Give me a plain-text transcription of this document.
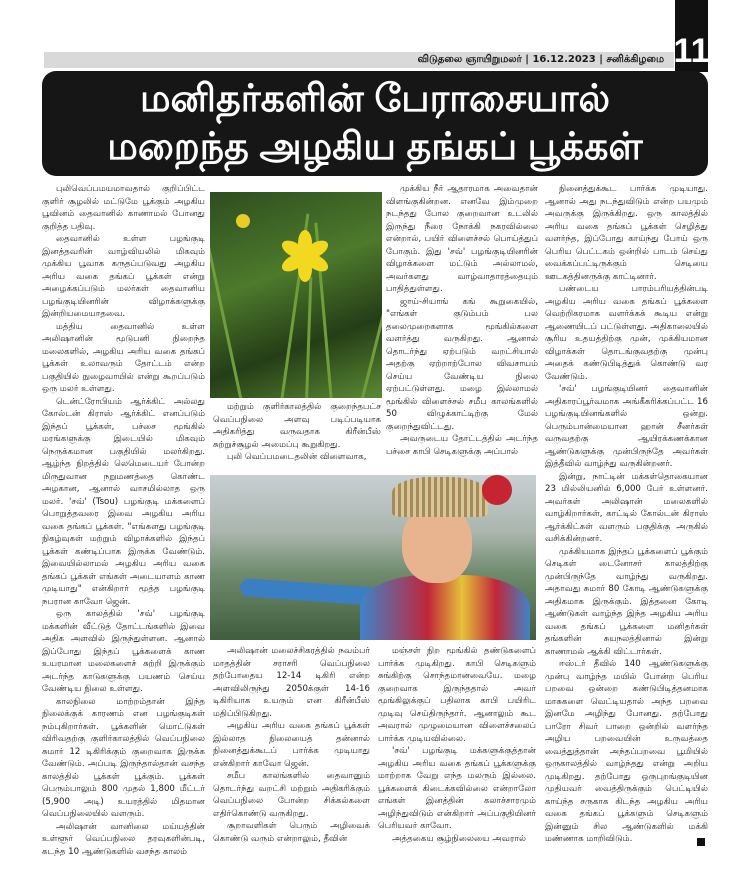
விடுதலை ஞாயிறுமலர் | 16.12.2023 | சனிக்கிழமை 11
மனிதர்களின் பேராசையால்
மறைந்த அழகிய தங்கப் பூக்கள்

புலிவெப்பமயமாவதால் குறிப்பிட்ட குளிர் சூழலில் மட்டுமே பூக்கும் அழகிய பூவினம் தைவானில் காணாமல் போனது குறித்த பதிவு.

தைவானில் உள்ள பழங்குடி இனத்தவரின் வாழ்வியலில் மிகவும் முக்கிய பூவாக கருதப்படுவது அழகிய அரிய வகை தங்கப் பூக்கள் என்று அழைக்கப்படும் மலர்கள் தைவானிய பழங்குடியினரின் விழாக்களுக்கு இன்றியமையாதவை.

மத்திய தைவானில் உள்ள அலிஷானின் மூடுபனி நிறைந்த மலைகளில், அழகிய அரிய வகை தங்கப் பூக்கள் உலாவரும் தோட்டம் என்ற பகுதியில் நுழைவாயில் என்று கூறப்படும் ஒரு மலர் உள்ளது.

டென்ட்ரோபியம் ஆர்க்கிட் அல்லது கோல்டன் கிராஸ் ஆர்க்கிட் எனப்படும் இந்தப் பூக்கள், பச்சை மூங்கில் மரங்களுக்கு இடையில் மிகவும் நெருக்கமான பகுதியில் மலர்கிறது. ஆழ்ந்த நிறத்தில் லெமெடையர் போன்ற மிருதுவான நறுமணத்தை கொண்ட அழகான, ஆனால் வாசமில்லாத ஒரு மலர். 'சவ்' (Tsou) பழங்குடி மக்களைப் பொறுத்தவரை இவை அழகிய அரிய வகை தங்கப் பூக்கள். "எங்களது பழங்குடி நிகழ்வுகள் மற்றும் விழாக்களில் இந்தப் பூக்கள் கண்டிப்பாக இருக்க வேண்டும். இவையில்லாமல் அழகிய அரிய வகை தங்கப் பூக்கள் எங்கள் அடையாளம் காண முடியாது" என்கிறார் மூத்த பழங்குடி நபரான காவோ ஜென்.

ஒரு காலத்தில் 'சவ்' பழங்குடி மக்களின் வீட்டுத் தோட்டங்களில் இவை அதிக அளவில் இருந்துள்ளன. ஆனால் இப்போது இந்தப் பூக்களைக் காண உயரமான மலைகளைச் சுற்றி இருக்கும் அடர்ந்த காடுகளுக்கு பயணம் செய்ய வேண்டிய நிலை உள்ளது.

காலநிலை மாற்றம்தான் இந்த நிலைக்குக் காரணம் என பழங்குடிகள் நம்புகிறார்கள். பூக்களின் மொட்டுகள் விரிவதற்கு குளிர்காலத்தில் வெப்பநிலை சுமார் 12 டிகிரிக்கும் குறைவாக இருக்க வேண்டும். அப்படி இருந்தால்தான் வசந்த காலத்தில் பூக்கள் பூக்கும். பூக்கள் பெரும்பாலும் 800 முதல் 1,800 மீட்டர் (5,900 அடி) உயரத்தில் மிதமான வெப்பநிலையில் வளரும்.

அலிஷான் வானிலை மய்யத்தின் உள்ளூர் வெப்பநிலை தரவுகளின்படி, கடந்த 10 ஆண்டுகளில் வசந்த காலம்

மற்றும் குளிர்காலத்தில் குறைந்தபட்ச வெப்பநிலை அளவு படிப்படியாக அதிகரித்து வருவதாக கிரீன்பீஸ் சுற்றுச்சூழல் அமைப்பு கூறுகிறது.

புலி வெப்பமடைதலின் விளைவாக,

முக்கிய நீர் ஆதாரமாக அவைதான் விளங்குகின்றன. எனவே இம்முறை நடந்தது போல குறைவான உடலில் இருந்து நீரை நோக்கி நகரவில்லை என்றால், பயிர் விளைச்சல் பொய்த்துப் போகும். இது 'சவ்' பழங்குடியினரின் விழாக்களை மட்டும் அல்லாமல், அவர்களது வாழ்வாதாரத்தையும் பாதித்துள்ளது.

ஜாய்-சியாங் கங் கூறுகையில், "எங்கள் குடும்பம் பல தலைமுறைகளாக மூங்கில்களை வளர்த்து வருகிறது. ஆனால் தொடர்ந்து ஏற்படும் வறட்சியால் அதற்கு ஏற்றாற்போல விவசாயம் செய்ய வேண்டிய நிலை ஏற்பட்டுள்ளது. மழை இல்லாமல் மூங்கில் விளைச்சல் சமீப காலங்களில் 50 விழுக்காட்டிற்கு மேல் குறைந்துவிட்டது.

அவருடைய தோட்டத்தில் அடர்ந்த பச்சை காபி செடிகளுக்கு அப்பால்

அலிஷான் மலைச்சிகரத்தில் நவம்பர் மாதத்தின் சராசரி வெப்பநிலை தற்போதைய 12-14 டிகிரி என்ற அளவிலிருந்து 2050க்குள் 14-16 டிகிரியாக உயரும் என கிரீன்பீஸ் மதிப்பிடுகிறது.

அழகிய அரிய வகை தங்கப் பூக்கள் இல்லாத நிலையைத் தன்னால் நினைத்துக்கூடப் பார்க்க முடியாது என்கிறார் காவோ ஜென்.

சமீப காலங்களில் தைவானும் தொடர்ந்து வறட்சி மற்றும் அதிகரிக்கும் வெப்பநிலை போன்ற சிக்கல்களை எதிர்கொண்டு வருகிறது.

சூறாவளிகள் பெரும் அழிவைக் கொண்டு வரும் என்றாலும், தீவின்

மஞ்சள் நிற மூங்கில் தண்டுகளைப் பார்க்க முடிகிறது. காபி செடிகளும் சுங்கிற்கு சொந்தமானவையே. மழை குறைவாக இருந்ததால் அவர் மூங்கிலுக்குப் பதிலாக காபி பயிரிட முடிவு செய்திருந்தார். ஆனாலும் கூட அவரால் முழுமையான விளைச்சலைப் பார்க்க முடியவில்லை.

'சவ்' பழங்குடி மக்களுக்குத்தான் அழகிய அரிய வகை தங்கப் பூக்களுக்கு மாற்றாக வேறு எந்த மலரும் இல்லை. பூக்களைக் கிடைக்கவில்லை என்றாலோ எங்கள் இனத்தின் கலாச்சாரமும் அழிந்துவிடும் என்கிறார் அப்பகுதியினர் பெரியவர் காவோ.

அத்தகைய சூழ்நிலையை அவரால்

நினைத்துக்கூட பார்க்க முடியாது. ஆனால் அது நடந்துவிடும் என்ற பயமும் அவருக்கு இருக்கிறது. ஒரு காலத்தில் அரிய வகை தங்கப் பூக்கள் செழித்து வளர்ந்த, இப்போது காய்ந்து போய் ஒரு பெரிய பெட்டகம் ஒன்றில் பாடம் செய்து வைக்கப்பட்டிருக்கும் செடியை ஊடகத்தினருக்கு காட்டினார்.

பண்டைய பாரம்பரியத்தின்படி அழகிய அரிய வகை தங்கப் பூக்களை வெற்றிகரமாக வளர்க்கக் கூடிய என்று ஆணையிடப் பட்டுள்ளது. அதிகாலையில் சூரிய உதயத்திற்கு முன், முக்கியமான விழாக்கள் தொடங்குவதற்கு முன்பு அதைக் கண்டுபிடித்துக் கொண்டு வர வேண்டும்.

'சவ்' பழங்குடியினர் தைவானின் அதிகாரப்பூர்வமாக அங்கீகரிக்கப்பட்ட 16 பழங்குடியினங்களில் ஒன்று. பெரும்பான்மையான ஹான் சீனர்கள் வருவதற்கு ஆயிரக்கணக்கான ஆண்டுகளுக்கு முன்பிருந்தே அவர்கள் இத்தீவில் வாழ்ந்து வருகின்றனர்.

இன்று, நாட்டின் மக்கள்தொகையான 23 மில்லியனில் 6,000 பேர் உள்ளனர். அவர்கள் அலிஷான் மலைகளில் வாழ்கிறார்கள், காட்டில் கோல்டன் கிராஸ் ஆர்க்கிட்கள் வளரும் பகுதிக்கு அருகில் வசிக்கின்றனர்.

முக்கியமாக இந்தப் பூக்களைப் பூக்கும் செடிகள் டைனோசர் காலத்திற்கு முன்பிருந்தே வாழ்ந்து வருகிறது. அதாவது சுமார் 80 கோடி ஆண்டுகளுக்கு அதிகமாக இருக்கும். இத்தனை கோடி ஆண்டுகள் வாழ்ந்த இந்த அழகிய அரிய வகை தங்கப் பூக்களை மனிதர்கள் தங்களின் சுயநலத்தினால் இன்று காணாமல் ஆக்கி விட்டார்கள்.

ஈஸ்டர் தீவில் 140 ஆண்டுகளுக்கு முன்பு வாழ்ந்த மயில் போன்ற பெரிய பறவை ஒன்றை கண்டுபிடித்தனமாக மாசுகளை வெட்டியதால் அந்த பறவை இனமே அழிந்து போனது. தற்போது பாரோ சிவர் பாறை ஒன்றில் வளர்ந்த அழிய பறவையின் உருவத்தை வைத்துத்தான் அந்தப்பறவை பூமியில் ஒருகாலத்தில் வாழ்ந்தது என்று அறிய முடிகிறது. தற்போது ஒருபுறங்குடியின முதியவர் வைத்திருக்கும் பெட்டியில் காய்ந்த சருகாக கிடந்த அழகிய அரிய வகை தங்கப் பூக்களும் செடிகளும் இன்னும் சில ஆண்டுகளில் மக்கி மண்ணாக மாறிவிடும்.
